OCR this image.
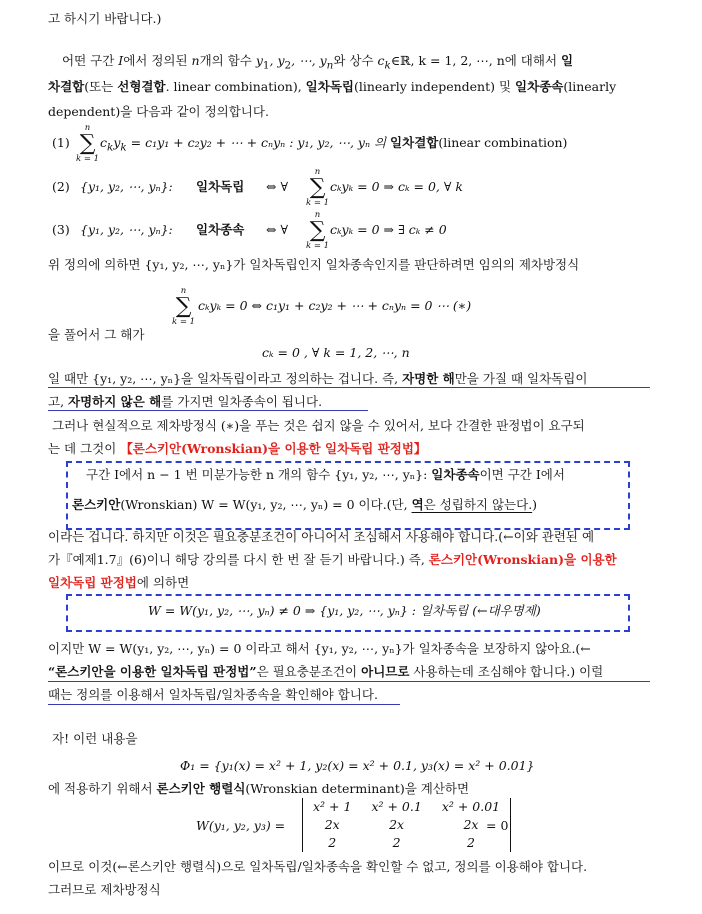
고 하시기 바랍니다.)
어떤 구간 I에서 정의된 n개의 함수 $y_1$, $y_2$, ⋯, $y_n$와 상수 $c_k\in ℝ$, k = 1, 2, ⋯, n에 대해서 일
차결합(또는 선형결합. linear combination), 일차독립(linearly independent) 및 일차종속(linearly
dependent)을 다음과 같이 정의합니다.
(1)
n
∑
k = 1
$c_ky_k = c_1y_1 + c_2y_2$ + ⋯ + cₙyₙ : y₁, y₂, ⋯, yₙ 의 일차결합(linear combination)
(2) {y₁, y₂, ⋯, yₙ}: 일차독립 ⇔ ∀
n
∑
k = 1
cₖyₖ = 0 ⇒ cₖ = 0, ∀ k
(3) {y₁, y₂, ⋯, yₙ}: 일차종속 ⇔ ∀
n
∑
k = 1
cₖyₖ = 0 ⇒ ∃ cₖ ≠ 0
위 정의에 의하면 {y₁, y₂, ⋯, yₙ}가 일차독립인지 일차종속인지를 판단하려면 임의의 제차방정식
n
∑
k = 1
cₖyₖ = 0 ⇔ c₁y₁ + c₂y₂ + ⋯ + cₙyₙ = 0 ⋯ (∗)
을 풀어서 그 해가
cₖ = 0 , ∀ k = 1, 2, ⋯, n
일 때만 {y₁, y₂, ⋯, yₙ}을 일차독립이라고 정의하는 겁니다. 즉, 자명한 해만을 가질 때 일차독립이
고, 자명하지 않은 해를 가지면 일차종속이 됩니다.
그러나 현실적으로 제차방정식 (∗)을 푸는 것은 쉽지 않을 수 있어서, 보다 간결한 판정법이 요구되
는 데 그것이 【론스키안(Wronskian)을 이용한 일차독립 판정법】
구간 I에서 n − 1 번 미분가능한 n 개의 함수 {y₁, y₂, ⋯, yₙ}: 일차종속이면 구간 I에서
론스키안(Wronskian) W = W(y₁, y₂, ⋯, yₙ) = 0 이다.(단, 역은 성립하지 않는다.)
이라는 겁니다. 하지만 이것은 필요충분조건이 아니어서 조심해서 사용해야 합니다.(←이와 관련된 예
가『예제1.7』(6)이니 해당 강의를 다시 한 번 잘 듣기 바랍니다.) 즉, 론스키안(Wronskian)을 이용한
일차독립 판정법에 의하면
W = W(y₁, y₂, ⋯, yₙ) ≠ 0 ⇒ {y₁, y₂, ⋯, yₙ} : 일차독립 (←대우명제)
이지만 W = W(y₁, y₂, ⋯, yₙ) = 0 이라고 해서 {y₁, y₂, ⋯, yₙ}가 일차종속을 보장하지 않아요.(←
“론스키안을 이용한 일차독립 판정법”은 필요충분조건이 아니므로 사용하는데 조심해야 합니다.) 이럴
때는 정의를 이용해서 일차독립/일차종속을 확인해야 합니다.
자! 이런 내용을
Φ₁ = {y₁(x) = x² + 1, y₂(x) = x² + 0.1, y₃(x) = x² + 0.01}
에 적용하기 위해서 론스키안 행렬식(Wronskian determinant)을 계산하면
W(y₁, y₂, y₃) =
x² + 1	x² + 0.1	x² + 0.01
2x	2x	2x
2	2	2
= 0
이므로 이것(←론스키안 행렬식)으로 일차독립/일차종속을 확인할 수 없고, 정의를 이용해야 합니다.
그러므로 제차방정식
